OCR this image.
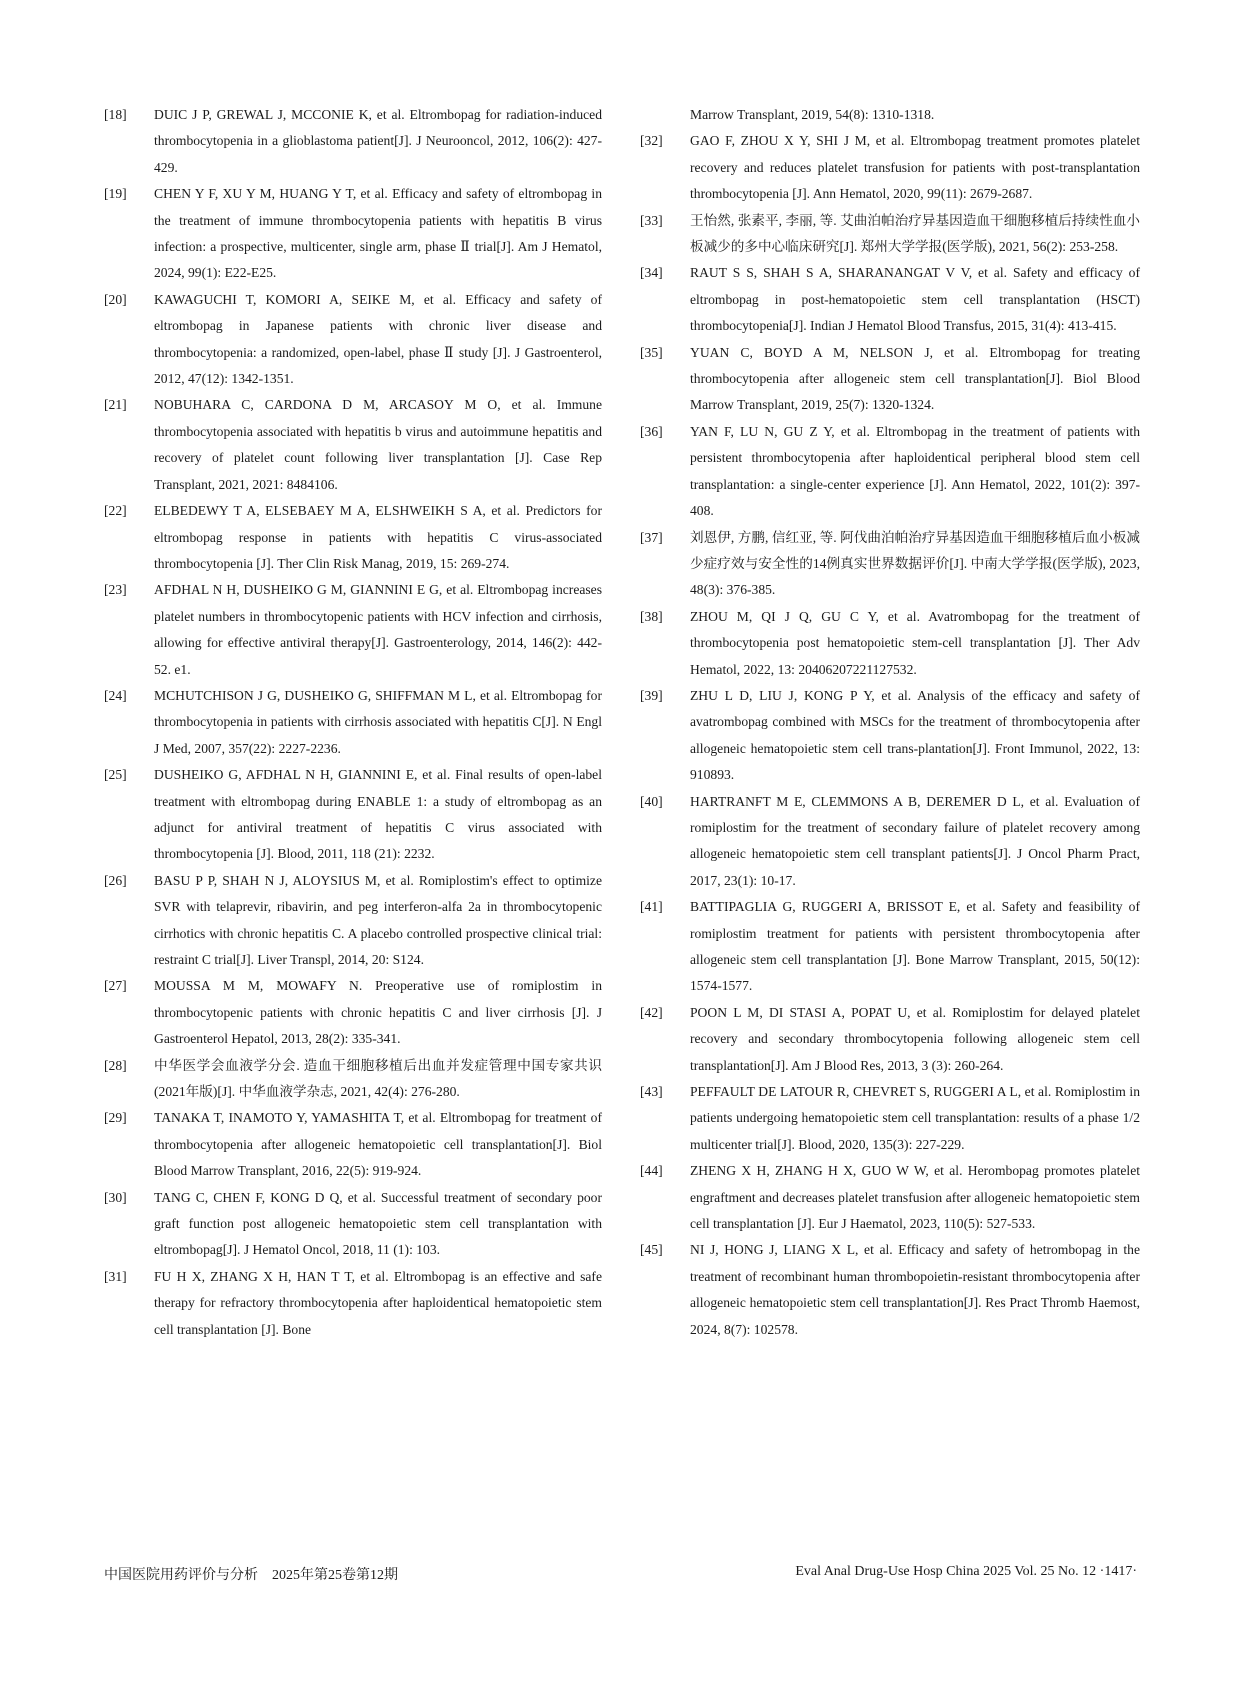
[18] DUIC J P, GREWAL J, MCCONIE K, et al. Eltrombopag for radiation-induced thrombocytopenia in a glioblastoma patient[J]. J Neurooncol, 2012, 106(2): 427-429.
[19] CHEN Y F, XU Y M, HUANG Y T, et al. Efficacy and safety of eltrombopag in the treatment of immune thrombocytopenia patients with hepatitis B virus infection: a prospective, multicenter, single arm, phase Ⅱ trial[J]. Am J Hematol, 2024, 99(1): E22-E25.
[20] KAWAGUCHI T, KOMORI A, SEIKE M, et al. Efficacy and safety of eltrombopag in Japanese patients with chronic liver disease and thrombocytopenia: a randomized, open-label, phase Ⅱ study [J]. J Gastroenterol, 2012, 47(12): 1342-1351.
[21] NOBUHARA C, CARDONA D M, ARCASOY M O, et al. Immune thrombocytopenia associated with hepatitis b virus and autoimmune hepatitis and recovery of platelet count following liver transplantation [J]. Case Rep Transplant, 2021, 2021: 8484106.
[22] ELBEDEWY T A, ELSEBAEY M A, ELSHWEIKH S A, et al. Predictors for eltrombopag response in patients with hepatitis C virus-associated thrombocytopenia [J]. Ther Clin Risk Manag, 2019, 15: 269-274.
[23] AFDHAL N H, DUSHEIKO G M, GIANNINI E G, et al. Eltrombopag increases platelet numbers in thrombocytopenic patients with HCV infection and cirrhosis, allowing for effective antiviral therapy[J]. Gastroenterology, 2014, 146(2): 442-52. e1.
[24] MCHUTCHISON J G, DUSHEIKO G, SHIFFMAN M L, et al. Eltrombopag for thrombocytopenia in patients with cirrhosis associated with hepatitis C[J]. N Engl J Med, 2007, 357(22): 2227-2236.
[25] DUSHEIKO G, AFDHAL N H, GIANNINI E, et al. Final results of open-label treatment with eltrombopag during ENABLE 1: a study of eltrombopag as an adjunct for antiviral treatment of hepatitis C virus associated with thrombocytopenia [J]. Blood, 2011, 118 (21): 2232.
[26] BASU P P, SHAH N J, ALOYSIUS M, et al. Romiplostim's effect to optimize SVR with telaprevir, ribavirin, and peg interferon-alfa 2a in thrombocytopenic cirrhotics with chronic hepatitis C. A placebo controlled prospective clinical trial: restraint C trial[J]. Liver Transpl, 2014, 20: S124.
[27] MOUSSA M M, MOWAFY N. Preoperative use of romiplostim in thrombocytopenic patients with chronic hepatitis C and liver cirrhosis [J]. J Gastroenterol Hepatol, 2013, 28(2): 335-341.
[28] 中华医学会血液学分会. 造血干细胞移植后出血并发症管理中国专家共识(2021年版)[J]. 中华血液学杂志, 2021, 42(4): 276-280.
[29] TANAKA T, INAMOTO Y, YAMASHITA T, et al. Eltrombopag for treatment of thrombocytopenia after allogeneic hematopoietic cell transplantation[J]. Biol Blood Marrow Transplant, 2016, 22(5): 919-924.
[30] TANG C, CHEN F, KONG D Q, et al. Successful treatment of secondary poor graft function post allogeneic hematopoietic stem cell transplantation with eltrombopag[J]. J Hematol Oncol, 2018, 11 (1): 103.
[31] FU H X, ZHANG X H, HAN T T, et al. Eltrombopag is an effective and safe therapy for refractory thrombocytopenia after haploidentical hematopoietic stem cell transplantation [J]. Bone
Marrow Transplant, 2019, 54(8): 1310-1318.
[32] GAO F, ZHOU X Y, SHI J M, et al. Eltrombopag treatment promotes platelet recovery and reduces platelet transfusion for patients with post-transplantation thrombocytopenia [J]. Ann Hematol, 2020, 99(11): 2679-2687.
[33] 王怡然, 张素平, 李丽, 等. 艾曲泊帕治疗异基因造血干细胞移植后持续性血小板减少的多中心临床研究[J]. 郑州大学学报(医学版), 2021, 56(2): 253-258.
[34] RAUT S S, SHAH S A, SHARANANGAT V V, et al. Safety and efficacy of eltrombopag in post-hematopoietic stem cell transplantation (HSCT) thrombocytopenia[J]. Indian J Hematol Blood Transfus, 2015, 31(4): 413-415.
[35] YUAN C, BOYD A M, NELSON J, et al. Eltrombopag for treating thrombocytopenia after allogeneic stem cell transplantation[J]. Biol Blood Marrow Transplant, 2019, 25(7): 1320-1324.
[36] YAN F, LU N, GU Z Y, et al. Eltrombopag in the treatment of patients with persistent thrombocytopenia after haploidentical peripheral blood stem cell transplantation: a single-center experience [J]. Ann Hematol, 2022, 101(2): 397-408.
[37] 刘恩伊, 方鹏, 信红亚, 等. 阿伐曲泊帕治疗异基因造血干细胞移植后血小板减少症疗效与安全性的14例真实世界数据评价[J]. 中南大学学报(医学版), 2023, 48(3): 376-385.
[38] ZHOU M, QI J Q, GU C Y, et al. Avatrombopag for the treatment of thrombocytopenia post hematopoietic stem-cell transplantation [J]. Ther Adv Hematol, 2022, 13: 20406207221127532.
[39] ZHU L D, LIU J, KONG P Y, et al. Analysis of the efficacy and safety of avatrombopag combined with MSCs for the treatment of thrombocytopenia after allogeneic hematopoietic stem cell trans-plantation[J]. Front Immunol, 2022, 13: 910893.
[40] HARTRANFT M E, CLEMMONS A B, DEREMER D L, et al. Evaluation of romiplostim for the treatment of secondary failure of platelet recovery among allogeneic hematopoietic stem cell transplant patients[J]. J Oncol Pharm Pract, 2017, 23(1): 10-17.
[41] BATTIPAGLIA G, RUGGERI A, BRISSOT E, et al. Safety and feasibility of romiplostim treatment for patients with persistent thrombocytopenia after allogeneic stem cell transplantation [J]. Bone Marrow Transplant, 2015, 50(12): 1574-1577.
[42] POON L M, DI STASI A, POPAT U, et al. Romiplostim for delayed platelet recovery and secondary thrombocytopenia following allogeneic stem cell transplantation[J]. Am J Blood Res, 2013, 3 (3): 260-264.
[43] PEFFAULT DE LATOUR R, CHEVRET S, RUGGERI A L, et al. Romiplostim in patients undergoing hematopoietic stem cell transplantation: results of a phase 1/2 multicenter trial[J]. Blood, 2020, 135(3): 227-229.
[44] ZHENG X H, ZHANG H X, GUO W W, et al. Herombopag promotes platelet engraftment and decreases platelet transfusion after allogeneic hematopoietic stem cell transplantation [J]. Eur J Haematol, 2023, 110(5): 527-533.
[45] NI J, HONG J, LIANG X L, et al. Efficacy and safety of hetrombopag in the treatment of recombinant human thrombopoietin-resistant thrombocytopenia after allogeneic hematopoietic stem cell transplantation[J]. Res Pract Thromb Haemost, 2024, 8(7): 102578.
中国医院用药评价与分析　2025年第25卷第12期	Eval Anal Drug-Use Hosp China 2025 Vol. 25 No. 12 ·1417·
